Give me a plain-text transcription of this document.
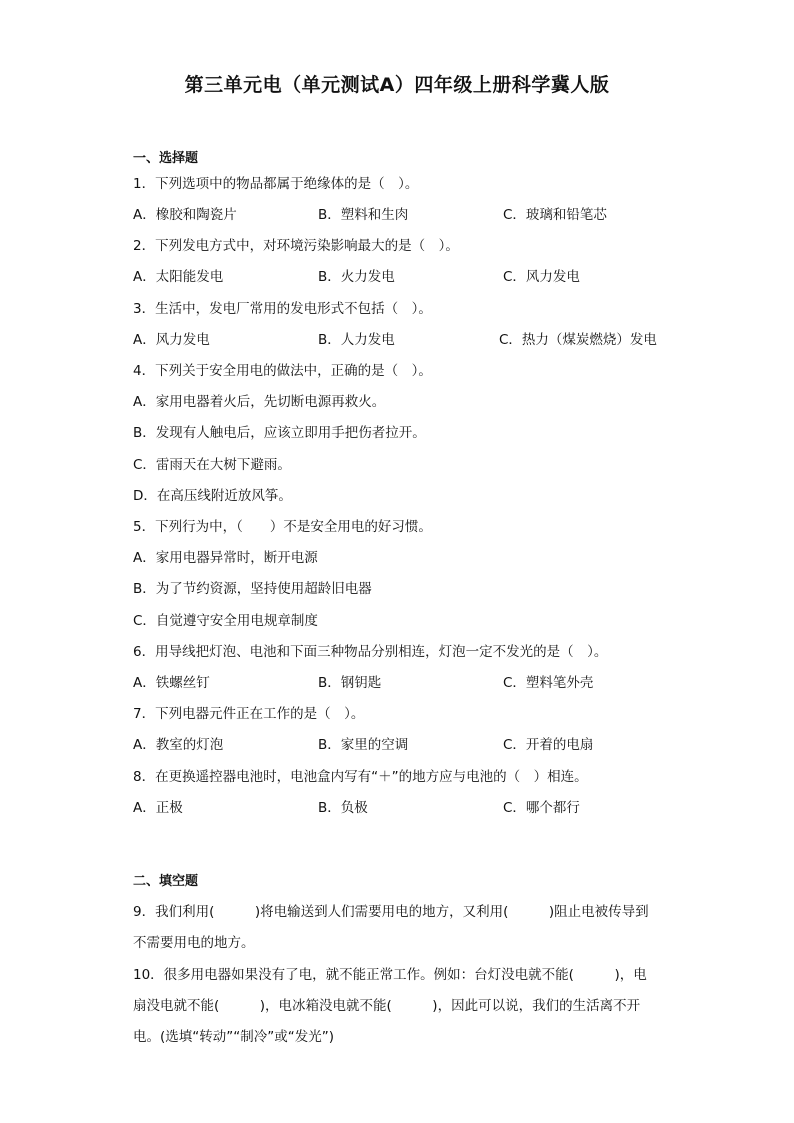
第三单元电（单元测试A）四年级上册科学冀人版
一、选择题
1．下列选项中的物品都属于绝缘体的是（　）。
A．橡胶和陶瓷片	B．塑料和生肉	C．玻璃和铅笔芯
2．下列发电方式中，对环境污染影响最大的是（　）。
A．太阳能发电	B．火力发电	C．风力发电
3．生活中，发电厂常用的发电形式不包括（　）。
A．风力发电	B．人力发电	C．热力（煤炭燃烧）发电
4．下列关于安全用电的做法中，正确的是（　）。
A．家用电器着火后，先切断电源再救火。
B．发现有人触电后，应该立即用手把伤者拉开。
C．雷雨天在大树下避雨。
D．在高压线附近放风筝。
5．下列行为中，（　　）不是安全用电的好习惯。
A．家用电器异常时，断开电源
B．为了节约资源，坚持使用超龄旧电器
C．自觉遵守安全用电规章制度
6．用导线把灯泡、电池和下面三种物品分别相连，灯泡一定不发光的是（　）。
A．铁螺丝钉	B．钢钥匙	C．塑料笔外壳
7．下列电器元件正在工作的是（　）。
A．教室的灯泡	B．家里的空调	C．开着的电扇
8．在更换遥控器电池时，电池盒内写有“＋”的地方应与电池的（　）相连。
A．正极	B．负极	C．哪个都行
二、填空题
9．我们利用(　　　)将电输送到人们需要用电的地方，又利用(　　　)阻止电被传导到
不需要用电的地方。
10．很多用电器如果没有了电，就不能正常工作。例如：台灯没电就不能(　　　)，电
扇没电就不能(　　　)，电冰箱没电就不能(　　　)，因此可以说，我们的生活离不开
电。(选填“转动”“制冷”或“发光”)
